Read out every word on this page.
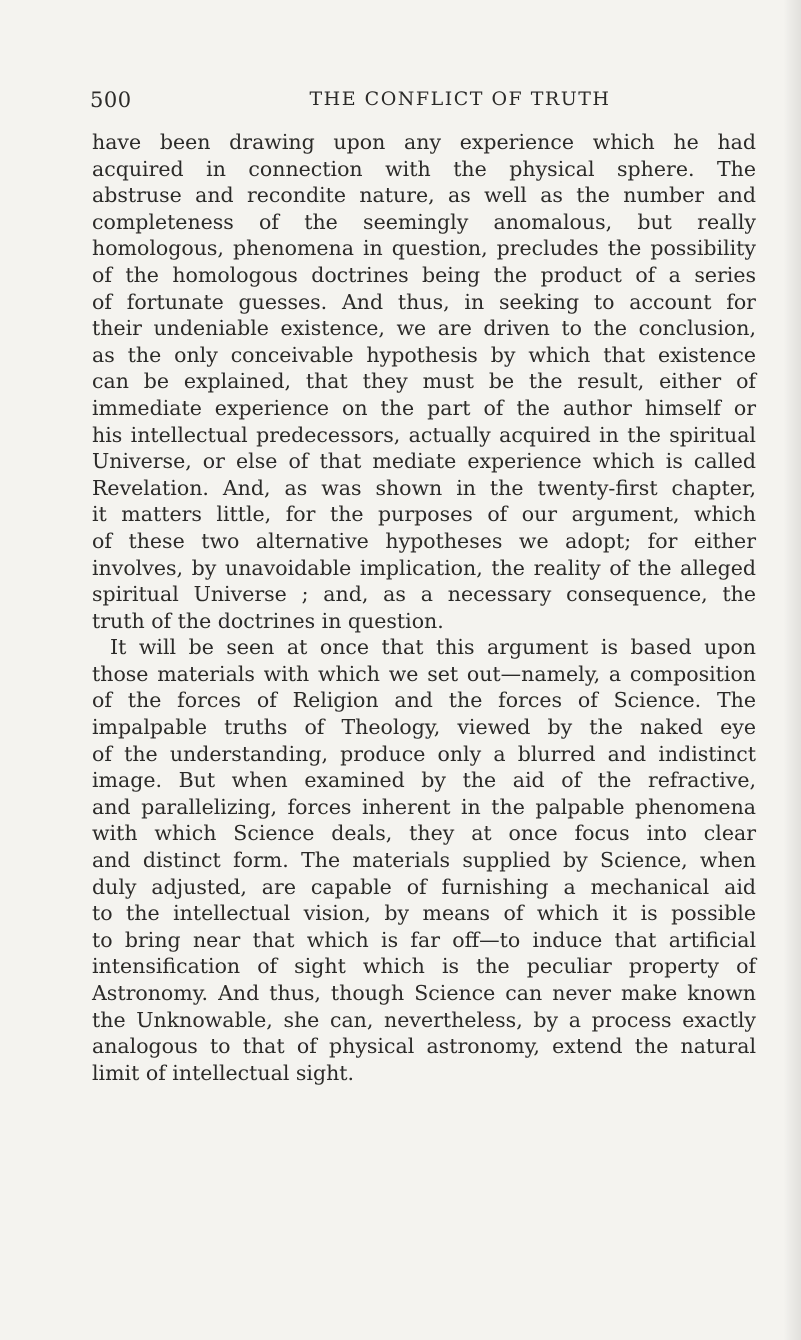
500	THE CONFLICT OF TRUTH
have been drawing upon any experience which he had
acquired in connection with the physical sphere. The
abstruse and recondite nature, as well as the number and
completeness of the seemingly anomalous, but really
homologous, phenomena in question, precludes the possibility
of the homologous doctrines being the product of a series
of fortunate guesses. And thus, in seeking to account for
their undeniable existence, we are driven to the conclusion,
as the only conceivable hypothesis by which that existence
can be explained, that they must be the result, either of
immediate experience on the part of the author himself or
his intellectual predecessors, actually acquired in the spiritual
Universe, or else of that mediate experience which is called
Revelation. And, as was shown in the twenty-first chapter,
it matters little, for the purposes of our argument, which
of these two alternative hypotheses we adopt; for either
involves, by unavoidable implication, the reality of the alleged
spiritual Universe ; and, as a necessary consequence, the
truth of the doctrines in question.
It will be seen at once that this argument is based upon
those materials with which we set out—namely, a composition
of the forces of Religion and the forces of Science. The
impalpable truths of Theology, viewed by the naked eye
of the understanding, produce only a blurred and indistinct
image. But when examined by the aid of the refractive,
and parallelizing, forces inherent in the palpable phenomena
with which Science deals, they at once focus into clear
and distinct form. The materials supplied by Science, when
duly adjusted, are capable of furnishing a mechanical aid
to the intellectual vision, by means of which it is possible
to bring near that which is far off—to induce that artificial
intensification of sight which is the peculiar property of
Astronomy. And thus, though Science can never make known
the Unknowable, she can, nevertheless, by a process exactly
analogous to that of physical astronomy, extend the natural
limit of intellectual sight.
